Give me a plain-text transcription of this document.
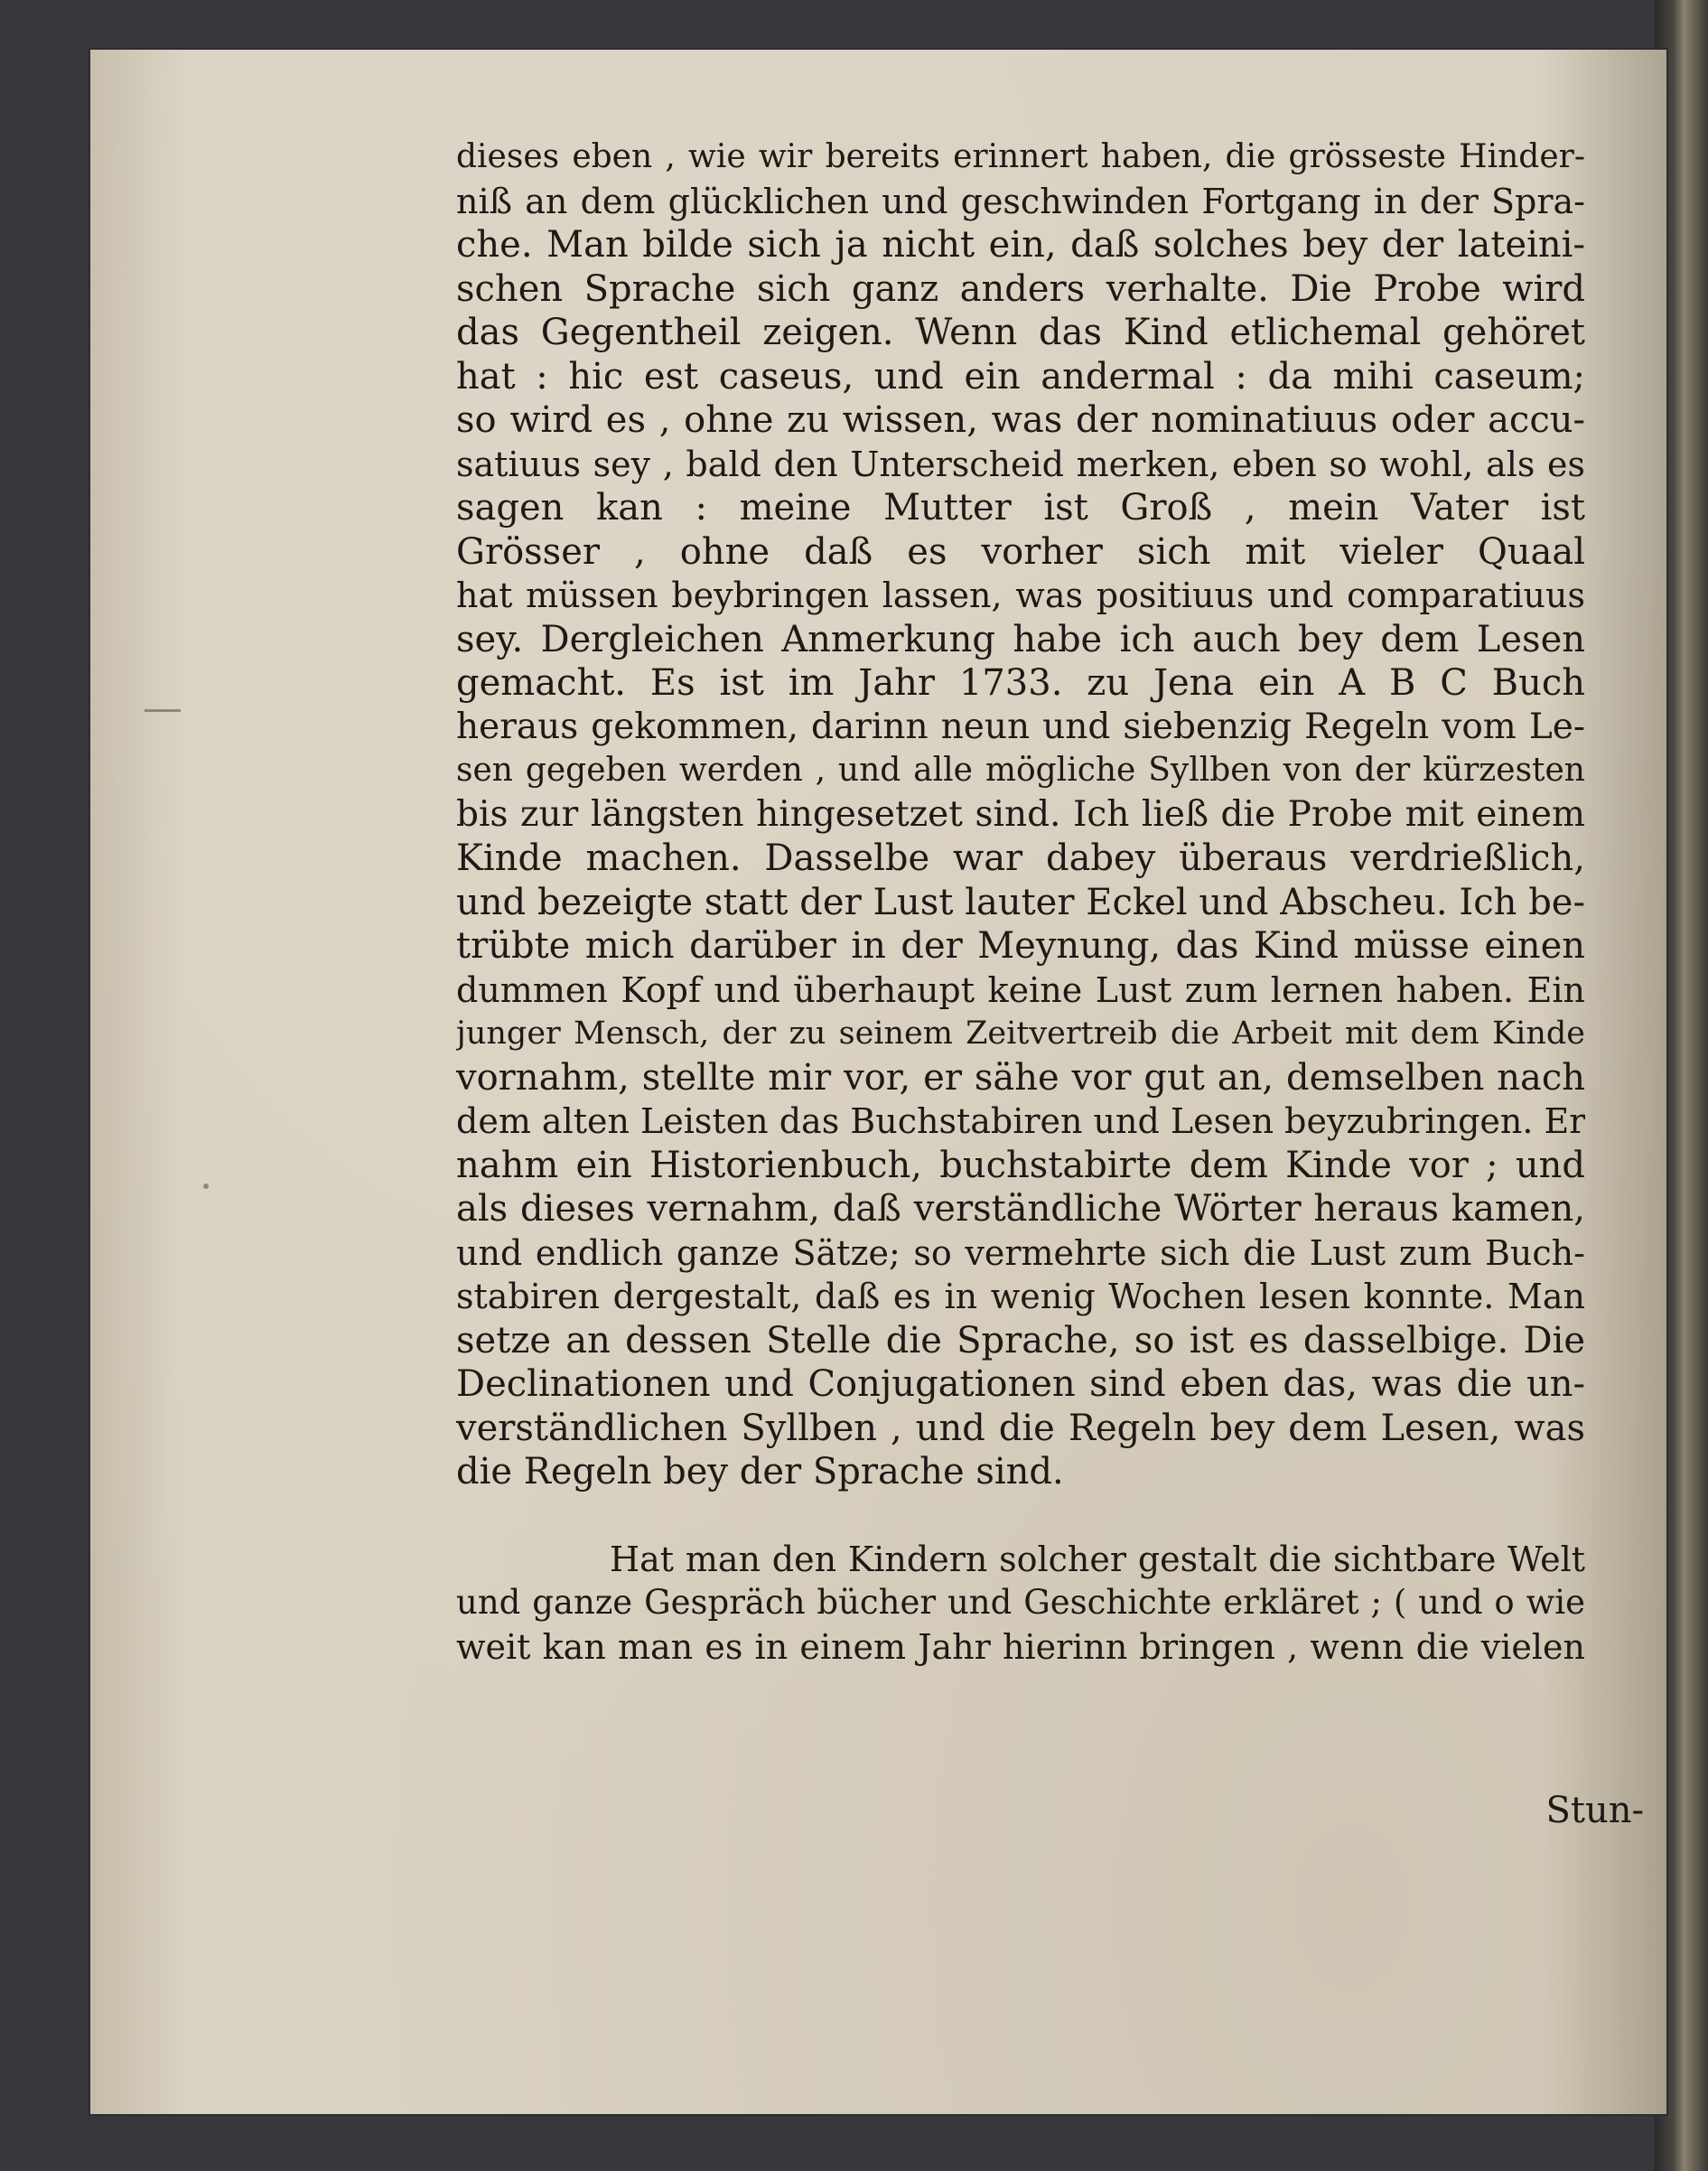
dieses eben , wie wir bereits erinnert haben, die grösseste Hinder-
niß an dem glücklichen und geschwinden Fortgang in der Spra-
che. Man bilde sich ja nicht ein, daß solches bey der lateini-
schen Sprache sich ganz anders verhalte. Die Probe wird
das Gegentheil zeigen. Wenn das Kind etlichemal gehöret
hat : hic est caseus, und ein andermal : da mihi caseum;
so wird es , ohne zu wissen, was der nominatiuus oder accu-
satiuus sey , bald den Unterscheid merken, eben so wohl, als es
sagen kan : meine Mutter ist Groß , mein Vater ist
Grösser , ohne daß es vorher sich mit vieler Quaal
hat müssen beybringen lassen, was positiuus und comparatiuus
sey. Dergleichen Anmerkung habe ich auch bey dem Lesen
gemacht. Es ist im Jahr 1733. zu Jena ein A B C Buch
heraus gekommen, darinn neun und siebenzig Regeln vom Le-
sen gegeben werden , und alle mögliche Syllben von der kürzesten
bis zur längsten hingesetzet sind. Ich ließ die Probe mit einem
Kinde machen. Dasselbe war dabey überaus verdrießlich,
und bezeigte statt der Lust lauter Eckel und Abscheu. Ich be-
trübte mich darüber in der Meynung, das Kind müsse einen
dummen Kopf und überhaupt keine Lust zum lernen haben. Ein
junger Mensch, der zu seinem Zeitvertreib die Arbeit mit dem Kinde
vornahm, stellte mir vor, er sähe vor gut an, demselben nach
dem alten Leisten das Buchstabiren und Lesen beyzubringen. Er
nahm ein Historienbuch, buchstabirte dem Kinde vor ; und
als dieses vernahm, daß verständliche Wörter heraus kamen,
und endlich ganze Sätze; so vermehrte sich die Lust zum Buch-
stabiren dergestalt, daß es in wenig Wochen lesen konnte. Man
setze an dessen Stelle die Sprache, so ist es dasselbige. Die
Declinationen und Conjugationen sind eben das, was die un-
verständlichen Syllben , und die Regeln bey dem Lesen, was
die Regeln bey der Sprache sind.
Hat man den Kindern solcher gestalt die sichtbare Welt
und ganze Gespräch bücher und Geschichte erkläret ; ( und o wie
weit kan man es in einem Jahr hierinn bringen , wenn die vielen
Stun-
